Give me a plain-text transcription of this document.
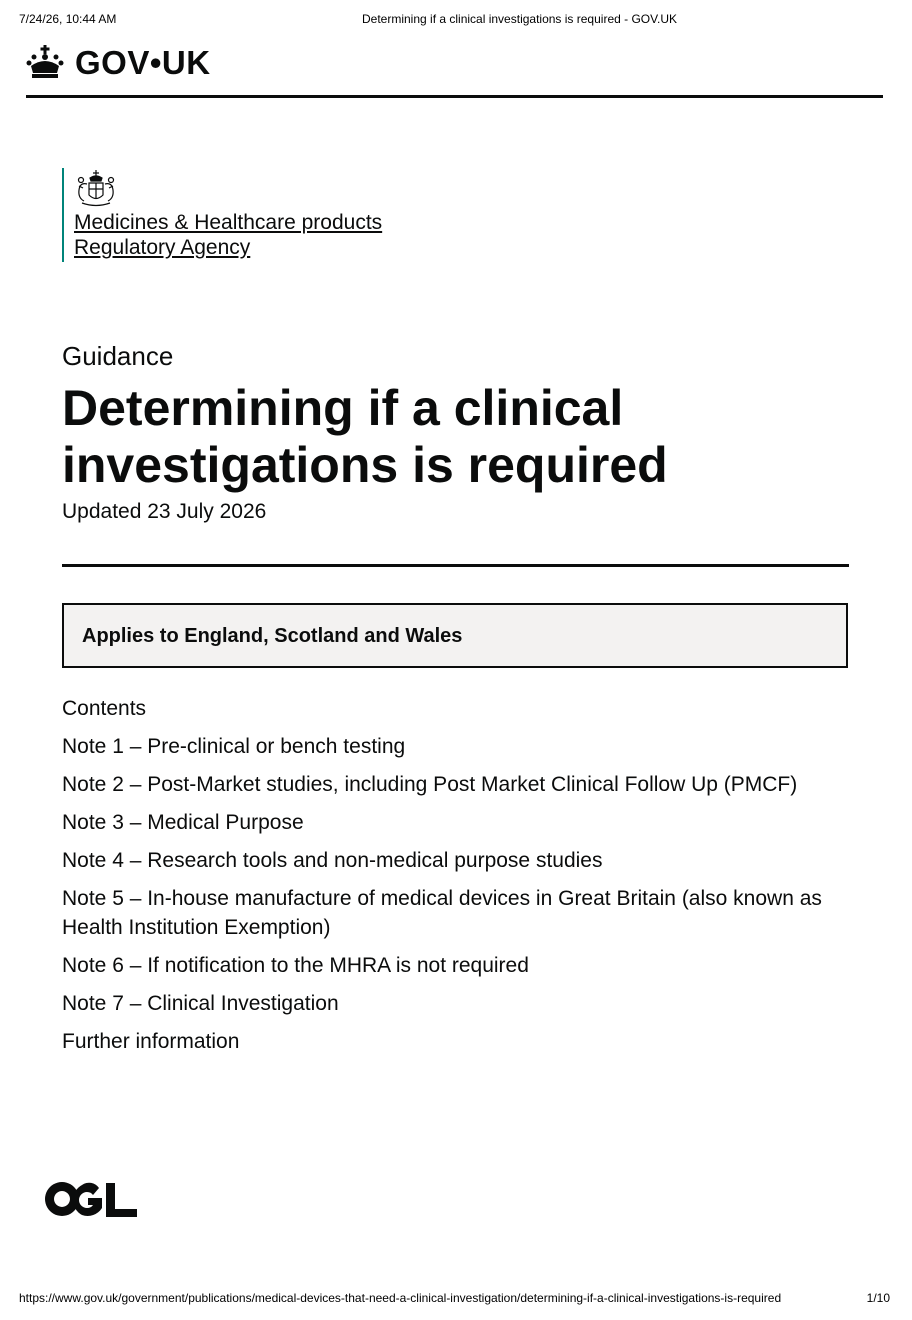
7/24/26, 10:44 AM	Determining if a clinical investigations is required - GOV.UK
GOV•UK
Medicines & Healthcare products
Regulatory Agency
Guidance
Determining if a clinical investigations is required
Updated 23 July 2026
Applies to England, Scotland and Wales
Contents
Note 1 – Pre-clinical or bench testing
Note 2 – Post-Market studies, including Post Market Clinical Follow Up (PMCF)
Note 3 – Medical Purpose
Note 4 – Research tools and non-medical purpose studies
Note 5 – In-house manufacture of medical devices in Great Britain (also known as Health Institution Exemption)
Note 6 – If notification to the MHRA is not required
Note 7 – Clinical Investigation
Further information
https://www.gov.uk/government/publications/medical-devices-that-need-a-clinical-investigation/determining-if-a-clinical-investigations-is-required	1/10
